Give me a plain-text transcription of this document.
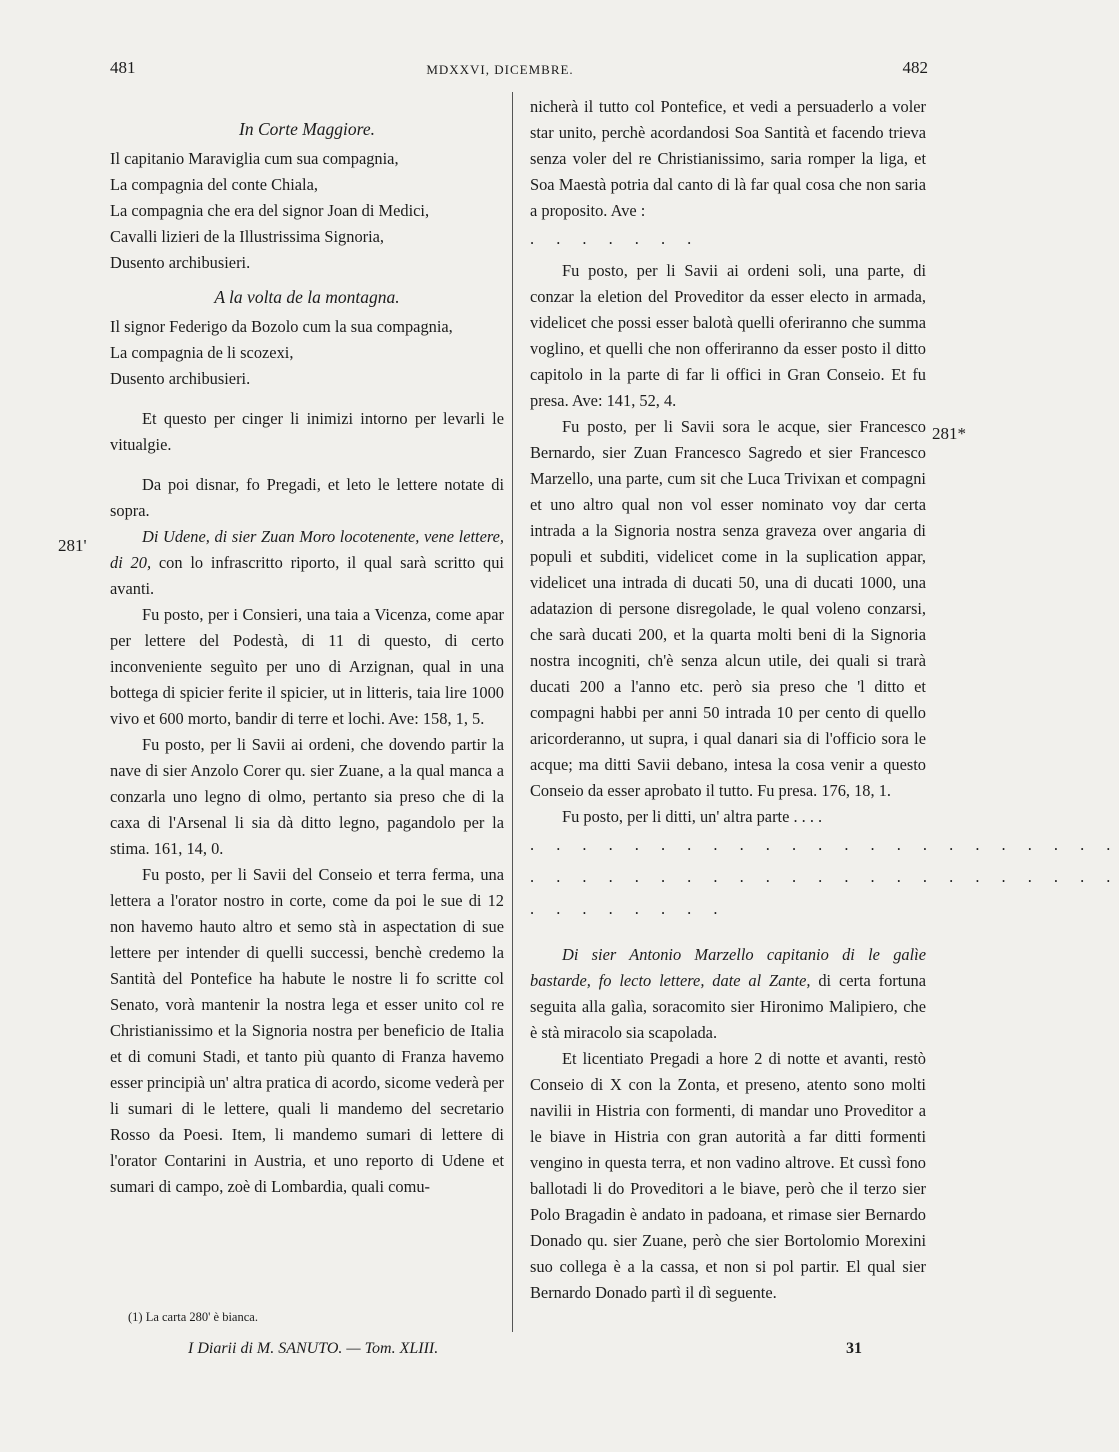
481	MDXXVI, DICEMBRE.	482
281'
281*
In Corte Maggiore.

Il capitanio Maraviglia cum sua compagnia,

La compagnia del conte Chiala,

La compagnia che era del signor Joan di Medici,

Cavalli lizieri de la Illustrissima Signoria,

Dusento archibusieri.

A la volta de la montagna.

Il signor Federigo da Bozolo cum la sua compagnia,

La compagnia de li scozexi,

Dusento archibusieri.

Et questo per cinger li inimizi intorno per levarli le vitualgie.

Da poi disnar, fo Pregadi, et leto le lettere notate di sopra.

Di Udene, di sier Zuan Moro locotenente, vene lettere, di 20, con lo infrascritto riporto, il qual sarà scritto qui avanti.

Fu posto, per i Consieri, una taia a Vicenza, come apar per lettere del Podestà, di 11 di questo, di certo inconveniente seguìto per uno di Arzignan, qual in una bottega di spicier ferite il spicier, ut in litteris, taia lire 1000 vivo et 600 morto, bandir di terre et lochi. Ave: 158, 1, 5.

Fu posto, per li Savii ai ordeni, che dovendo partir la nave di sier Anzolo Corer qu. sier Zuane, a la qual manca a conzarla uno legno di olmo, pertanto sia preso che di la caxa di l'Arsenal li sia dà ditto legno, pagandolo per la stima. 161, 14, 0.

Fu posto, per li Savii del Conseio et terra ferma, una lettera a l'orator nostro in corte, come da poi le sue di 12 non havemo hauto altro et semo stà in aspectation di sue lettere per intender di quelli successi, benchè credemo la Santità del Pontefice ha habute le nostre li fo scritte col Senato, vorà mantenir la nostra lega et esser unito col re Christianissimo et la Signoria nostra per beneficio de Italia et di comuni Stadi, et tanto più quanto di Franza havemo esser principià un' altra pratica di acordo, sicome vederà per li sumari di le lettere, quali li mandemo del secretario Rosso da Poesi. Item, li mandemo sumari di lettere di l'orator Contarini in Austria, et uno reporto di Udene et sumari di campo, zoè di Lombardia, quali comu-

nicherà il tutto col Pontefice, et vedi a persuaderlo a voler star unito, perchè acordandosi Soa Santità et facendo trieva senza voler del re Christianissimo, saria romper la liga, et Soa Maestà potria dal canto di là far qual cosa che non saria a proposito. Ave :

. . . . . . .

Fu posto, per li Savii ai ordeni soli, una parte, di conzar la eletion del Proveditor da esser electo in armada, videlicet che possi esser balotà quelli oferiranno che summa voglino, et quelli che non offeriranno da esser posto il ditto capitolo in la parte di far li offici in Gran Conseio. Et fu presa. Ave: 141, 52, 4.

Fu posto, per li Savii sora le acque, sier Francesco Bernardo, sier Zuan Francesco Sagredo et sier Francesco Marzello, una parte, cum sit che Luca Trivixan et compagni et uno altro qual non vol esser nominato voy dar certa intrada a la Signoria nostra senza graveza over angaria di populi et subditi, videlicet come in la suplication appar, videlicet una intrada di ducati 50, una di ducati 1000, una adatazion di persone disregolade, le qual voleno conzarsi, che sarà ducati 200, et la quarta molti beni di la Signoria nostra incogniti, ch'è senza alcun utile, dei quali si trarà ducati 200 a l'anno etc. però sia preso che 'l ditto et compagni habbi per anni 50 intrada 10 per cento di quello aricorderanno, ut supra, i qual danari sia di l'officio sora le acque; ma ditti Savii debano, intesa la cosa venir a questo Conseio da esser aprobato il tutto. Fu presa. 176, 18, 1.

Fu posto, per li ditti, un' altra parte . . . .

. . . . . . . . . . . . . . . . . . . . . . .
. . . . . . . . . . . . . . . . . . . . . . .
. . . . . . . .

Di sier Antonio Marzello capitanio di le galìe bastarde, fo lecto lettere, date al Zante, di certa fortuna seguita alla galìa, soracomito sier Hironimo Malipiero, che è stà miracolo sia scapolada.

Et licentiato Pregadi a hore 2 di notte et avanti, restò Conseio di X con la Zonta, et preseno, atento sono molti navilii in Histria con formenti, di mandar uno Proveditor a le biave in Histria con gran autorità a far ditti formenti vengino in questa terra, et non vadino altrove. Et cussì fono ballotadi li do Proveditori a le biave, però che il terzo sier Polo Bragadin è andato in padoana, et rimase sier Bernardo Donado qu. sier Zuane, però che sier Bortolomio Morexini suo collega è a la cassa, et non si pol partir. El qual sier Bernardo Donado partì il dì seguente.

(1) La carta 280' è bianca.
I Diarii di M. SANUTO. — Tom. XLIII.	31
